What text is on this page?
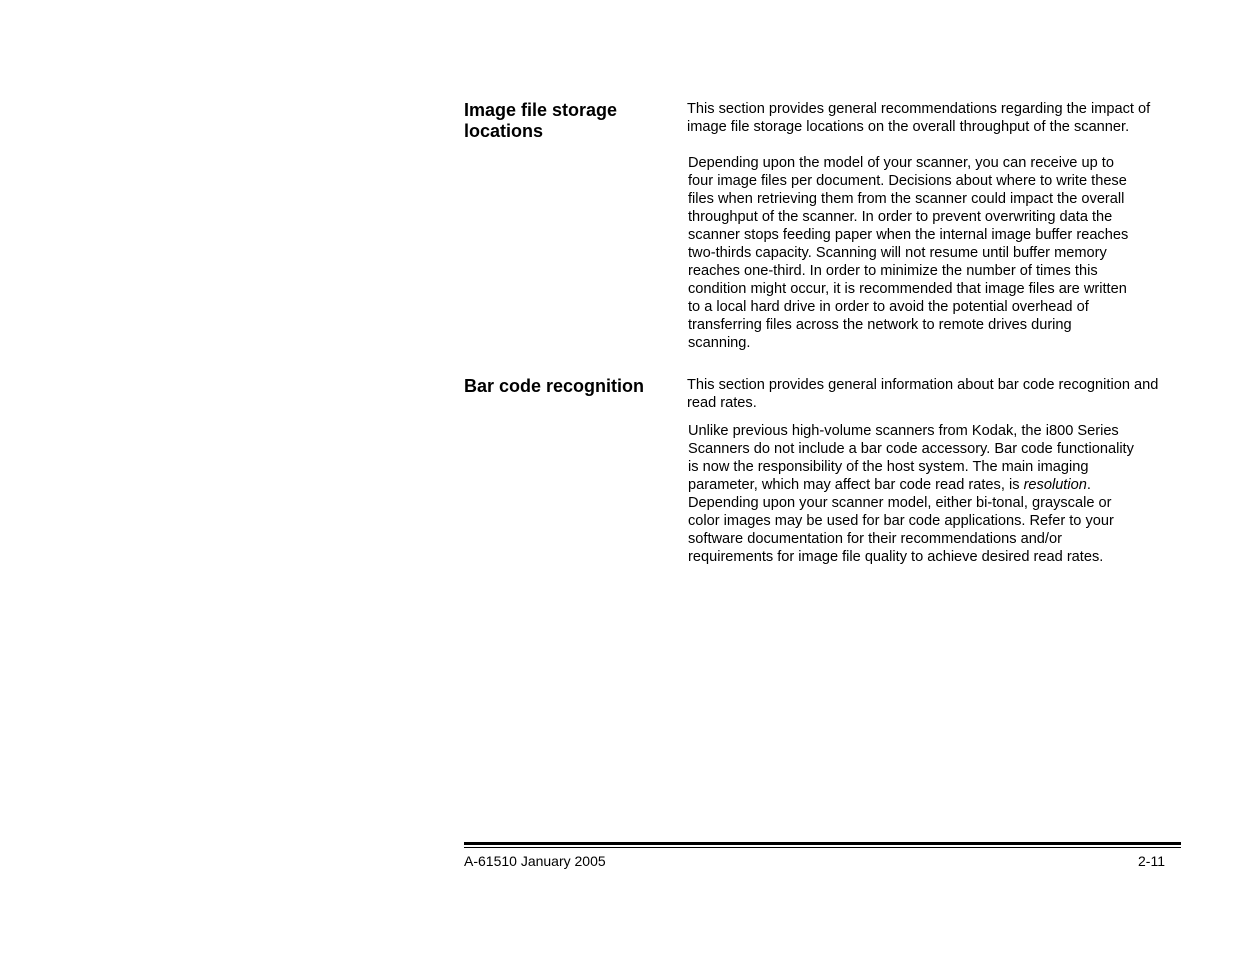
Image file storage locations

This section provides general recommendations regarding the impact of image file storage locations on the overall throughput of the scanner.

Depending upon the model of your scanner, you can receive up to four image files per document. Decisions about where to write these files when retrieving them from the scanner could impact the overall throughput of the scanner. In order to prevent overwriting data the scanner stops feeding paper when the internal image buffer reaches two-thirds capacity. Scanning will not resume until buffer memory reaches one-third. In order to minimize the number of times this condition might occur, it is recommended that image files are written to a local hard drive in order to avoid the potential overhead of transferring files across the network to remote drives during scanning.

Bar code recognition	This section provides general information about bar code recognition and read rates.

Unlike previous high-volume scanners from Kodak, the i800 Series Scanners do not include a bar code accessory. Bar code functionality is now the responsibility of the host system. The main imaging parameter, which may affect bar code read rates, is resolution. Depending upon your scanner model, either bi-tonal, grayscale or color images may be used for bar code applications. Refer to your software documentation for their recommendations and/or requirements for image file quality to achieve desired read rates.

A-61510 January 2005	2-11
